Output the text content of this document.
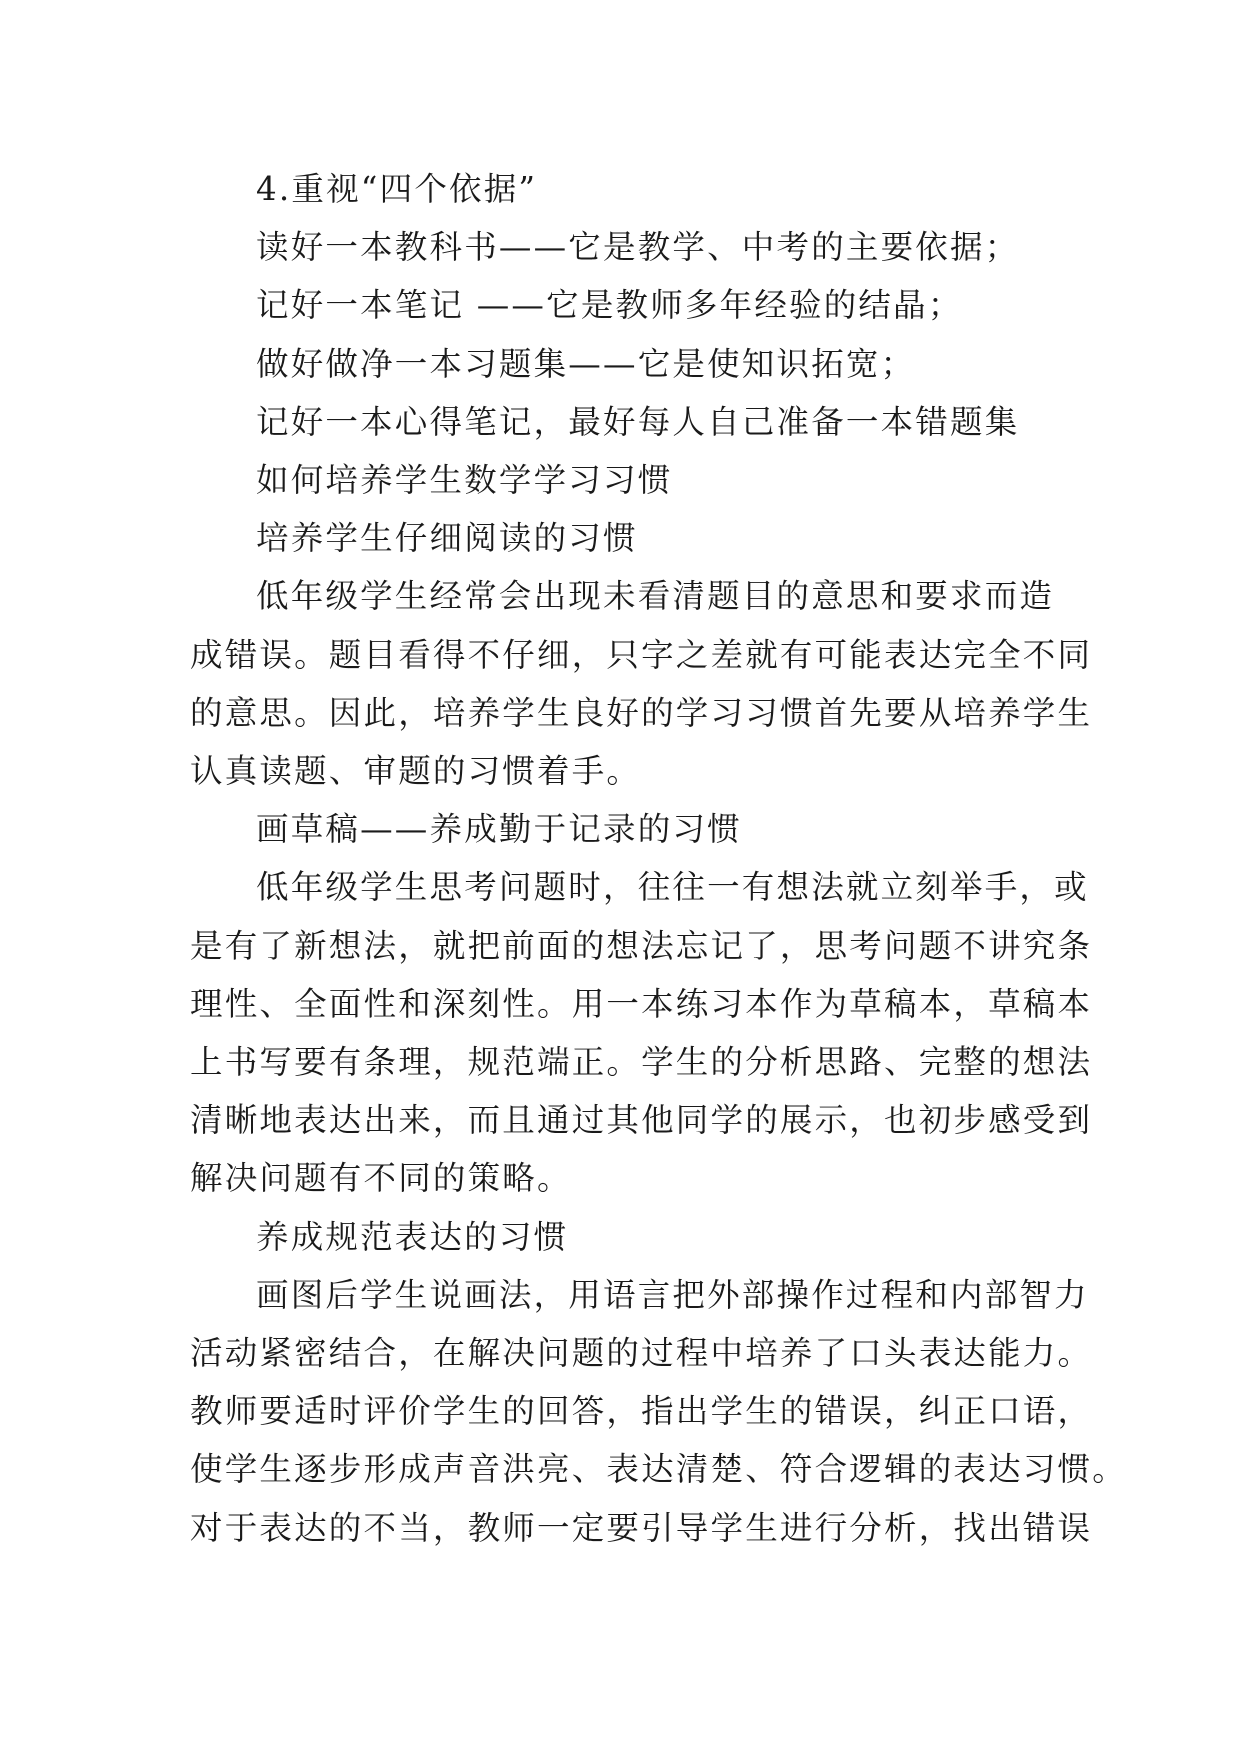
4.重视“四个依据”
读好一本教科书——它是教学、中考的主要依据；
记好一本笔记 ——它是教师多年经验的结晶；
做好做净一本习题集——它是使知识拓宽；
记好一本心得笔记，最好每人自己准备一本错题集
如何培养学生数学学习习惯
培养学生仔细阅读的习惯
低年级学生经常会出现未看清题目的意思和要求而造
成错误。题目看得不仔细，只字之差就有可能表达完全不同
的意思。因此，培养学生良好的学习习惯首先要从培养学生
认真读题、审题的习惯着手。
画草稿——养成勤于记录的习惯
低年级学生思考问题时，往往一有想法就立刻举手，或
是有了新想法，就把前面的想法忘记了，思考问题不讲究条
理性、全面性和深刻性。用一本练习本作为草稿本，草稿本
上书写要有条理，规范端正。学生的分析思路、完整的想法
清晰地表达出来，而且通过其他同学的展示，也初步感受到
解决问题有不同的策略。
养成规范表达的习惯
画图后学生说画法，用语言把外部操作过程和内部智力
活动紧密结合，在解决问题的过程中培养了口头表达能力。
教师要适时评价学生的回答，指出学生的错误，纠正口语，
使学生逐步形成声音洪亮、表达清楚、符合逻辑的表达习惯。
对于表达的不当，教师一定要引导学生进行分析，找出错误
